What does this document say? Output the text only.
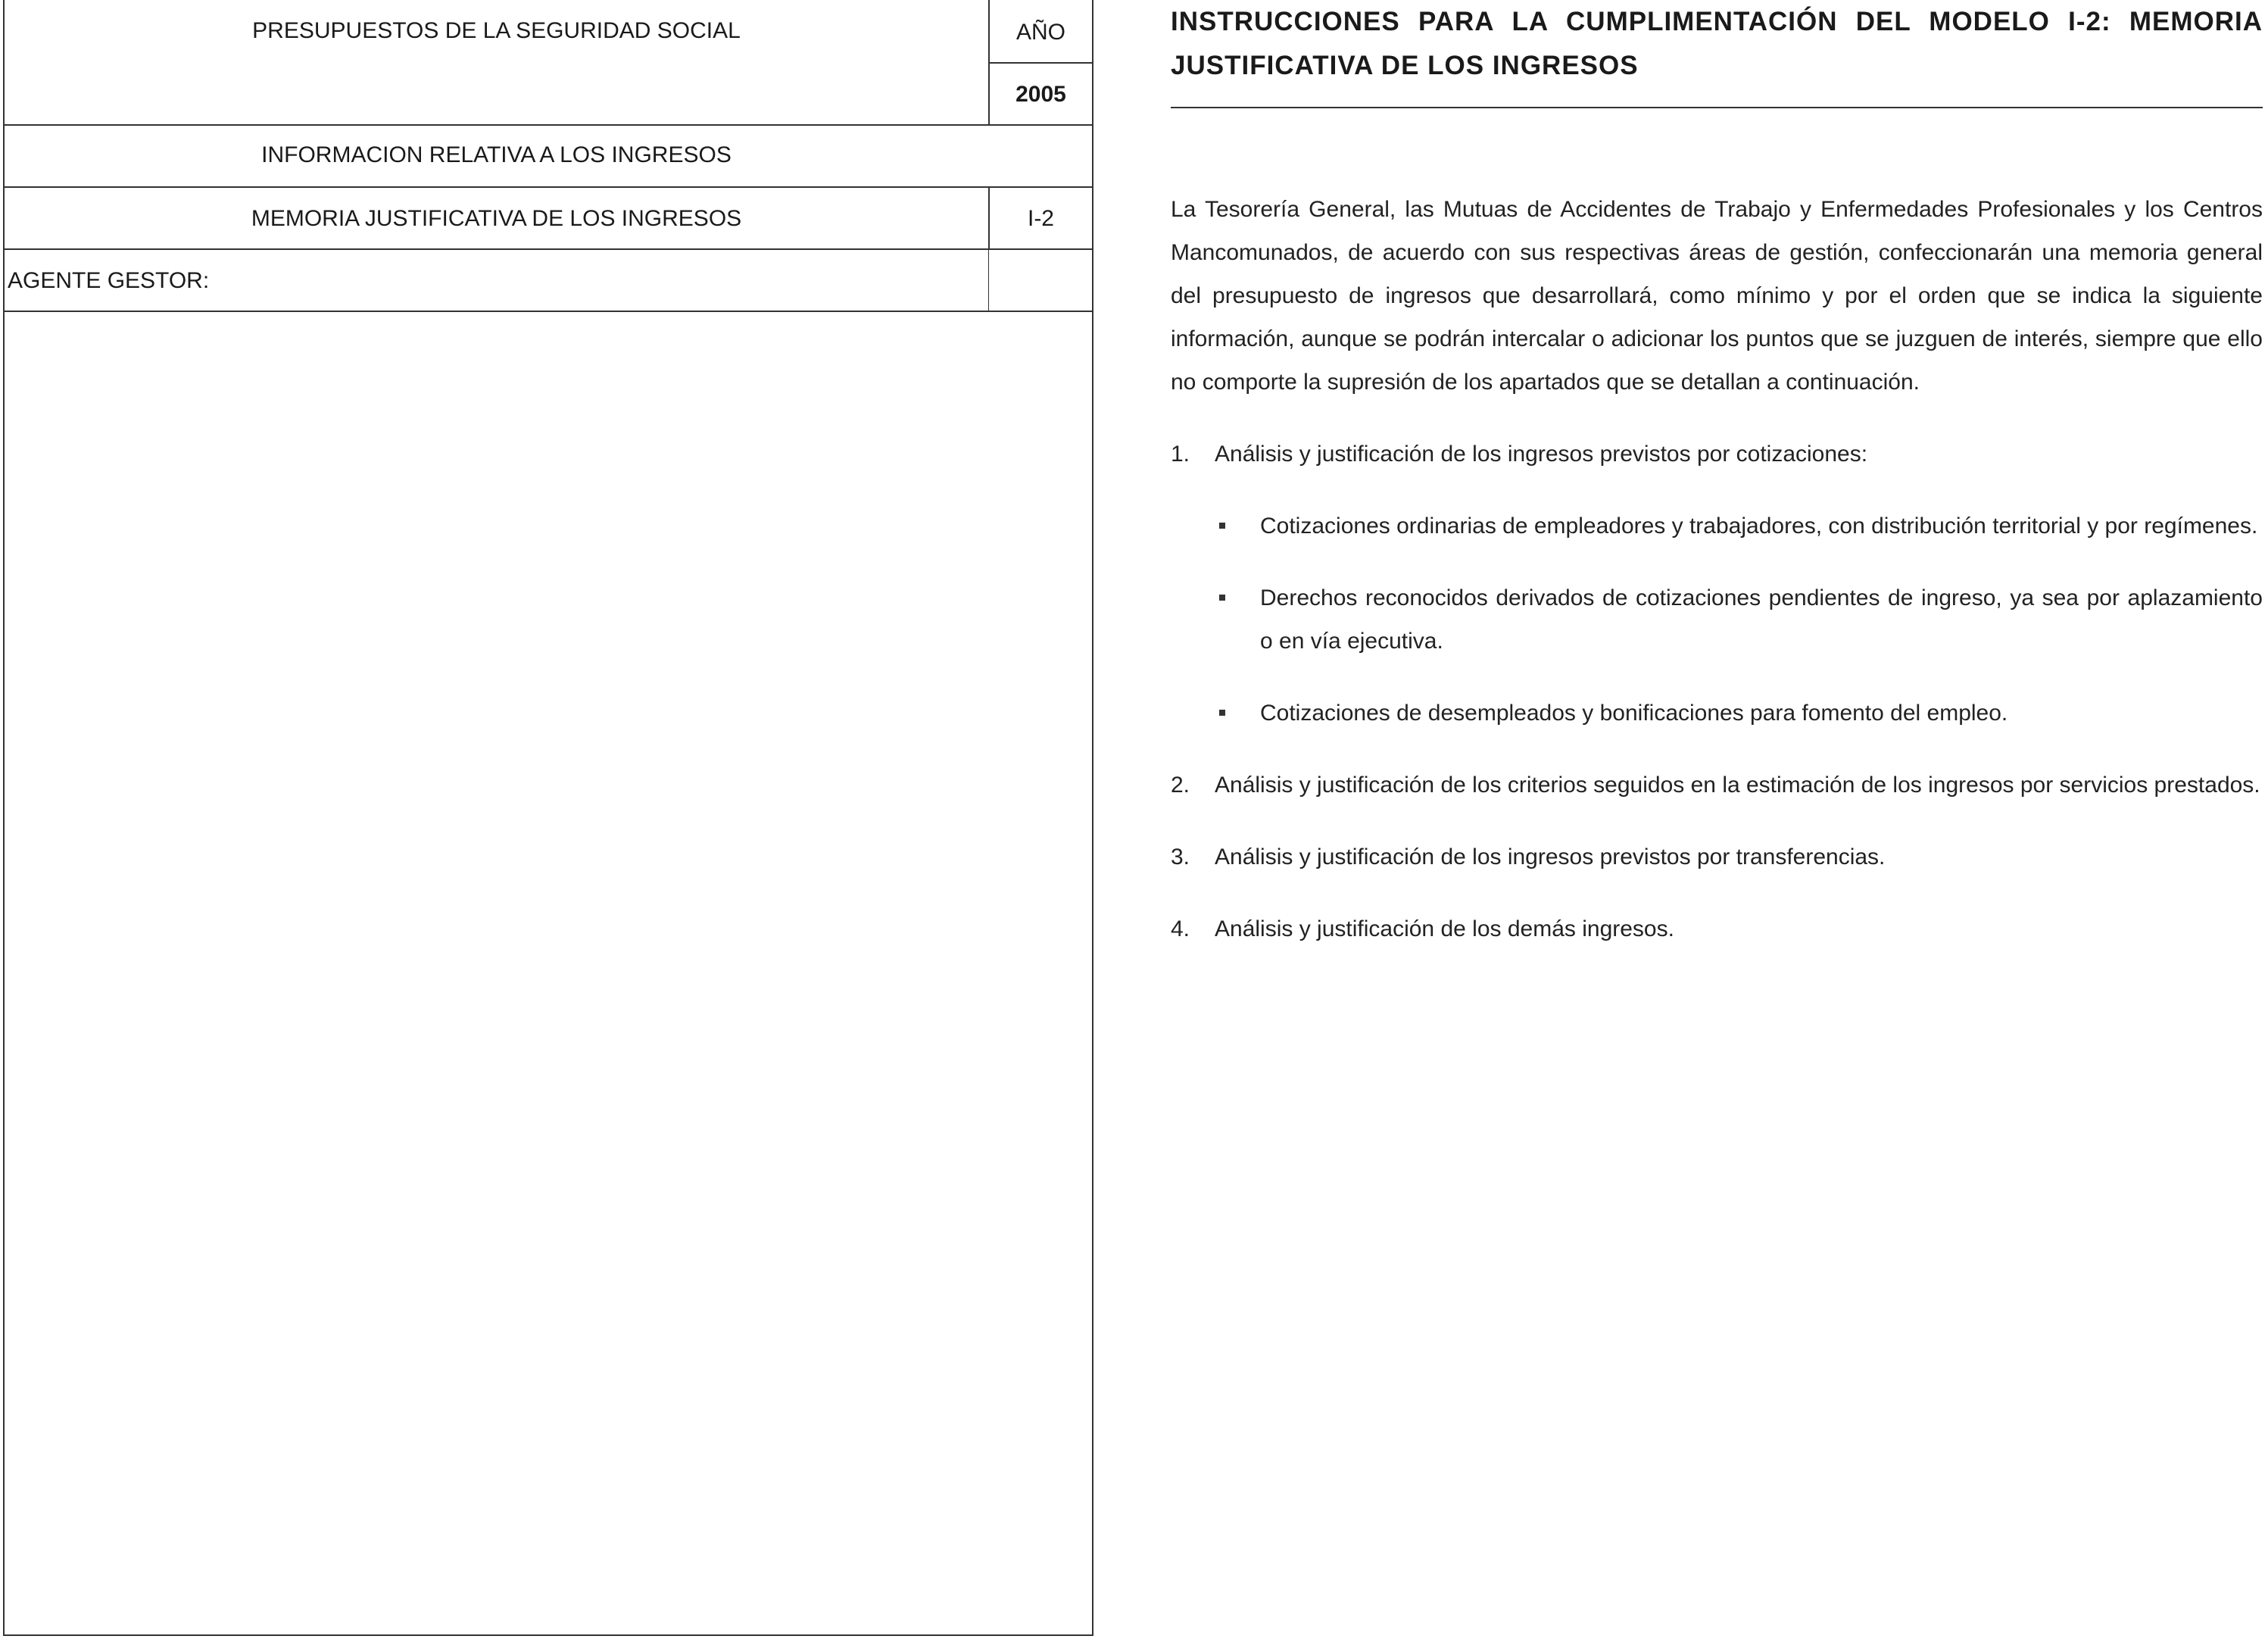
PRESUPUESTOS DE LA SEGURIDAD SOCIAL	AÑO
2005
INFORMACION RELATIVA A LOS INGRESOS
MEMORIA JUSTIFICATIVA DE LOS INGRESOS	I-2
AGENTE GESTOR:
INSTRUCCIONES PARA LA CUMPLIMENTACIÓN DEL MODELO I-2: MEMORIA JUSTIFICATIVA DE LOS INGRESOS

La Tesorería General, las Mutuas de Accidentes de Trabajo y Enfermedades Profesionales y los Centros Mancomunados, de acuerdo con sus respectivas áreas de gestión, confeccionarán una memoria general del presupuesto de ingresos que desarrollará, como mínimo y por el orden que se indica la siguiente información, aunque se podrán intercalar o adicionar los puntos que se juzguen de interés, siempre que ello no comporte la supresión de los apartados que se detallan a continuación.

1. Análisis y justificación de los ingresos previstos por cotizaciones:
Cotizaciones ordinarias de empleadores y trabajadores, con distribución territorial y por regímenes.
Derechos reconocidos derivados de cotizaciones pendientes de ingreso, ya sea por aplazamiento o en vía ejecutiva.
Cotizaciones de desempleados y bonificaciones para fomento del empleo.
2. Análisis y justificación de los criterios seguidos en la estimación de los ingresos por servicios prestados.
3. Análisis y justificación de los ingresos previstos por transferencias.
4. Análisis y justificación de los demás ingresos.
